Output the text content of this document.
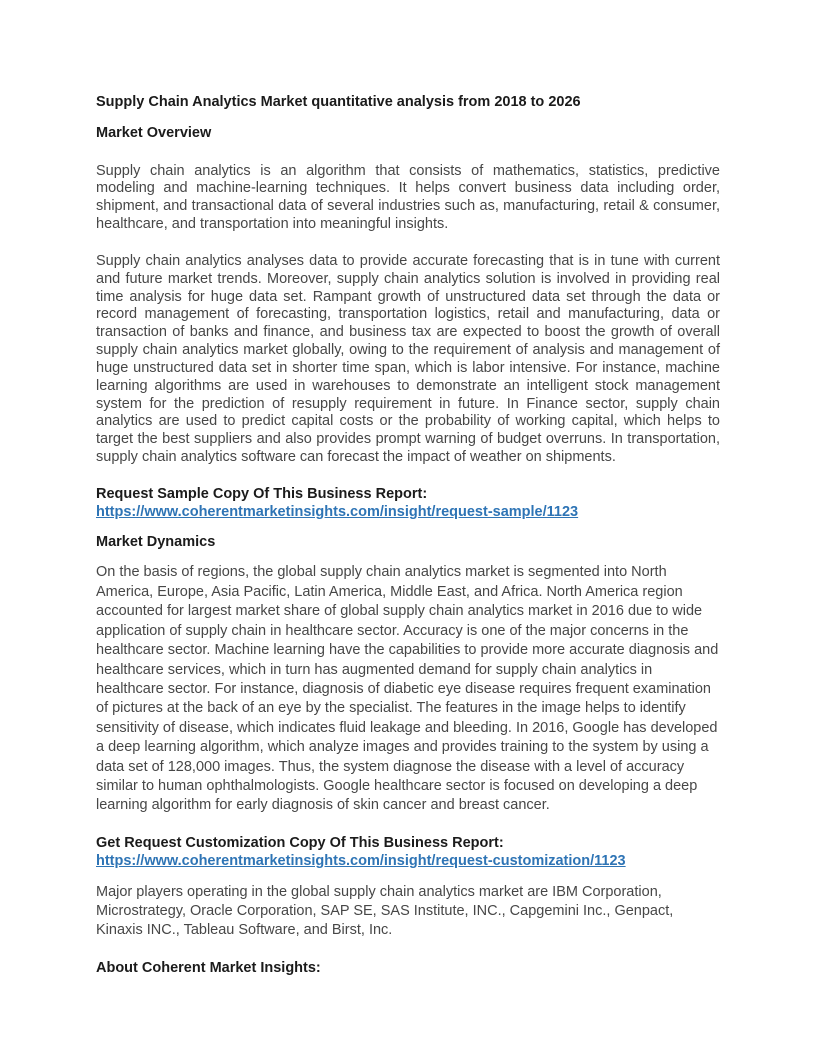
Supply Chain Analytics Market quantitative analysis from 2018 to 2026
Market Overview

Supply chain analytics is an algorithm that consists of mathematics, statistics, predictive modeling and machine-learning techniques. It helps convert business data including order, shipment, and transactional data of several industries such as, manufacturing, retail & consumer, healthcare, and transportation into meaningful insights.

Supply chain analytics analyses data to provide accurate forecasting that is in tune with current and future market trends. Moreover, supply chain analytics solution is involved in providing real time analysis for huge data set. Rampant growth of unstructured data set through the data or record management of forecasting, transportation logistics, retail and manufacturing, data or transaction of banks and finance, and business tax are expected to boost the growth of overall supply chain analytics market globally, owing to the requirement of analysis and management of huge unstructured data set in shorter time span, which is labor intensive. For instance, machine learning algorithms are used in warehouses to demonstrate an intelligent stock management system for the prediction of resupply requirement in future. In Finance sector, supply chain analytics are used to predict capital costs or the probability of working capital, which helps to target the best suppliers and also provides prompt warning of budget overruns. In transportation, supply chain analytics software can forecast the impact of weather on shipments.

Request Sample Copy Of This Business Report:
https://www.coherentmarketinsights.com/insight/request-sample/1123
Market Dynamics

On the basis of regions, the global supply chain analytics market is segmented into North America, Europe, Asia Pacific, Latin America, Middle East, and Africa. North America region accounted for largest market share of global supply chain analytics market in 2016 due to wide application of supply chain in healthcare sector. Accuracy is one of the major concerns in the healthcare sector. Machine learning have the capabilities to provide more accurate diagnosis and healthcare services, which in turn has augmented demand for supply chain analytics in healthcare sector. For instance, diagnosis of diabetic eye disease requires frequent examination of pictures at the back of an eye by the specialist. The features in the image helps to identify sensitivity of disease, which indicates fluid leakage and bleeding. In 2016, Google has developed a deep learning algorithm, which analyze images and provides training to the system by using a data set of 128,000 images. Thus, the system diagnose the disease with a level of accuracy similar to human ophthalmologists. Google healthcare sector is focused on developing a deep learning algorithm for early diagnosis of skin cancer and breast cancer.

Get Request Customization Copy Of This Business Report:
https://www.coherentmarketinsights.com/insight/request-customization/1123

Major players operating in the global supply chain analytics market are IBM Corporation, Microstrategy, Oracle Corporation, SAP SE, SAS Institute, INC., Capgemini Inc., Genpact, Kinaxis INC., Tableau Software, and Birst, Inc.

About Coherent Market Insights:
